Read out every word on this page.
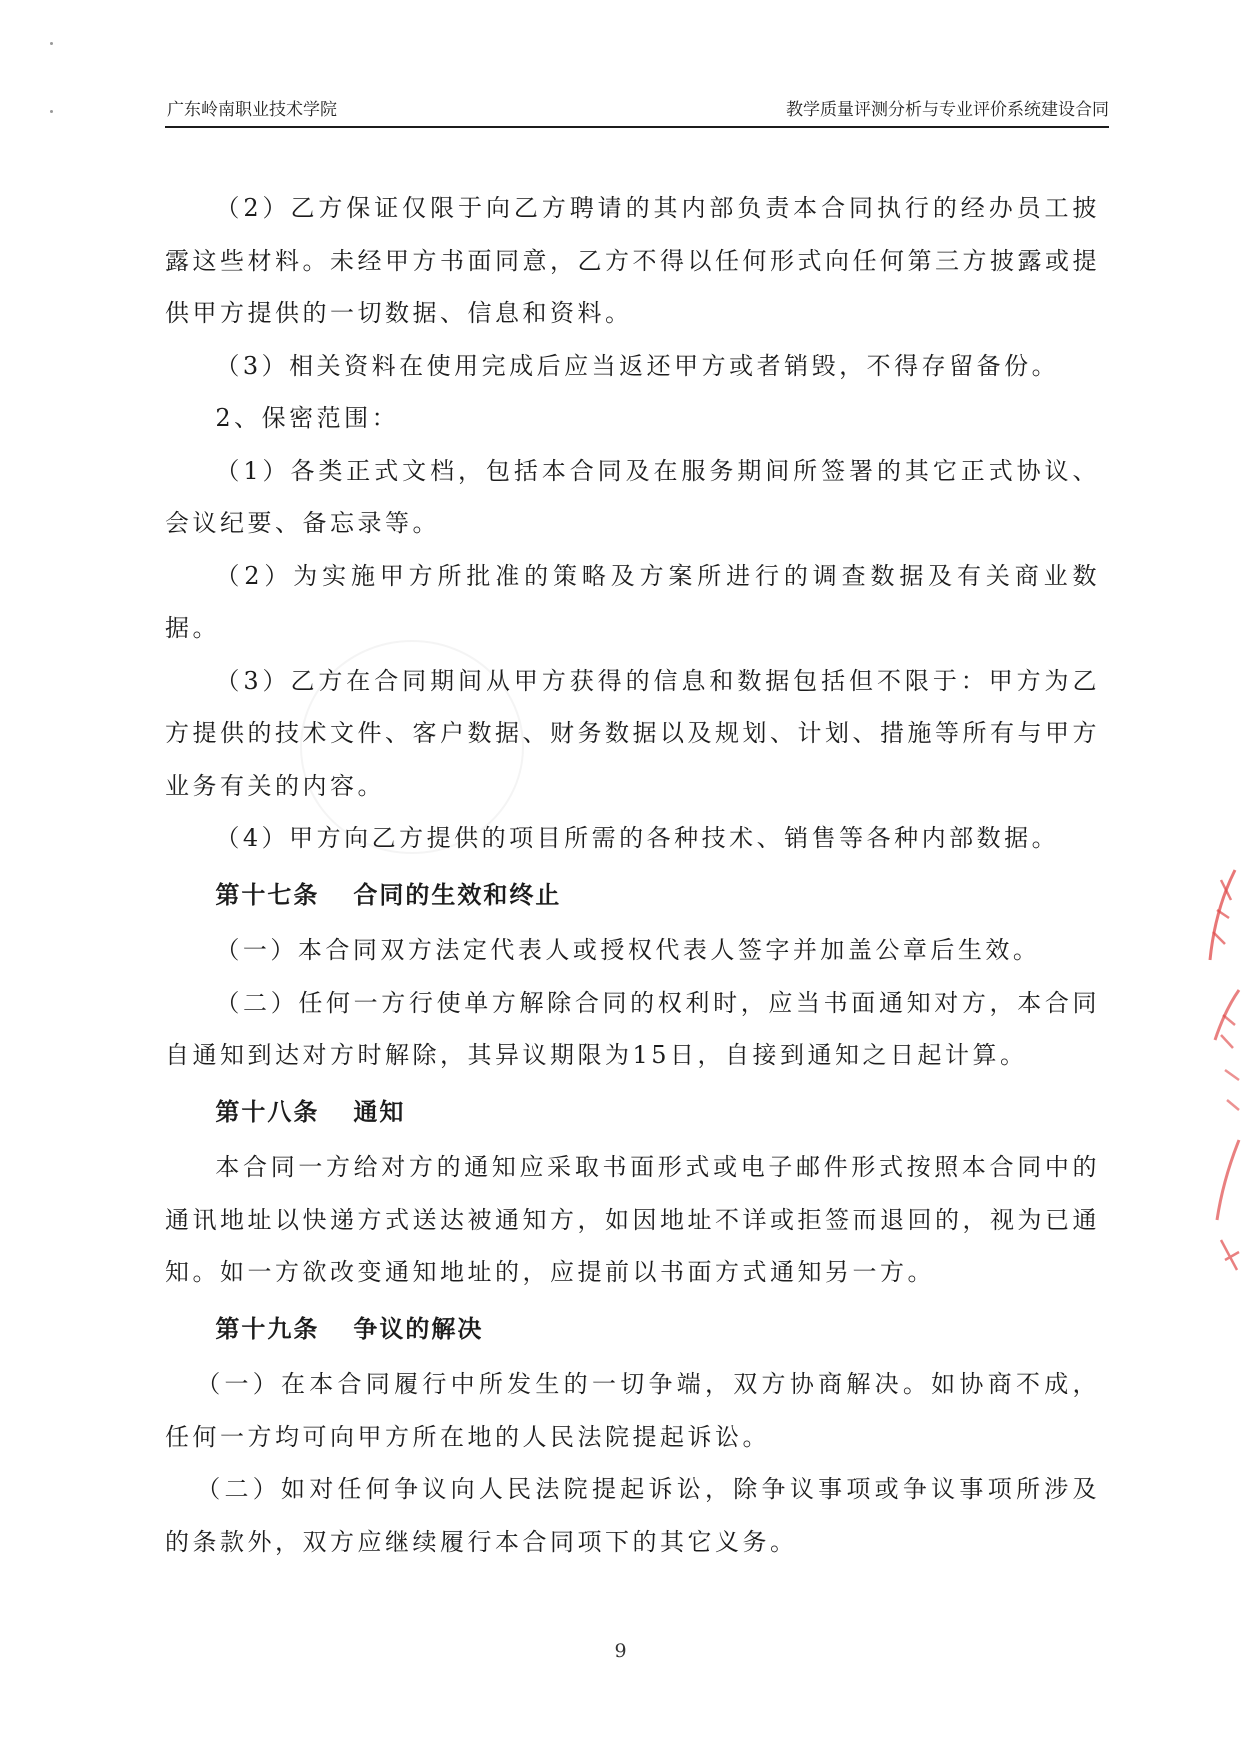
广东岭南职业技术学院	教学质量评测分析与专业评价系统建设合同

（2）乙方保证仅限于向乙方聘请的其内部负责本合同执行的经办员工披露这些材料。未经甲方书面同意，乙方不得以任何形式向任何第三方披露或提供甲方提供的一切数据、信息和资料。

（3）相关资料在使用完成后应当返还甲方或者销毁，不得存留备份。

2、保密范围：

（1）各类正式文档，包括本合同及在服务期间所签署的其它正式协议、会议纪要、备忘录等。

（2）为实施甲方所批准的策略及方案所进行的调查数据及有关商业数据。

（3）乙方在合同期间从甲方获得的信息和数据包括但不限于：甲方为乙方提供的技术文件、客户数据、财务数据以及规划、计划、措施等所有与甲方业务有关的内容。

（4）甲方向乙方提供的项目所需的各种技术、销售等各种内部数据。

第十七条 合同的生效和终止

（一）本合同双方法定代表人或授权代表人签字并加盖公章后生效。

（二）任何一方行使单方解除合同的权利时，应当书面通知对方，本合同自通知到达对方时解除，其异议期限为15日，自接到通知之日起计算。

第十八条 通知

本合同一方给对方的通知应采取书面形式或电子邮件形式按照本合同中的通讯地址以快递方式送达被通知方，如因地址不详或拒签而退回的，视为已通知。如一方欲改变通知地址的，应提前以书面方式通知另一方。

第十九条 争议的解决

（一）在本合同履行中所发生的一切争端，双方协商解决。如协商不成，任何一方均可向甲方所在地的人民法院提起诉讼。

（二）如对任何争议向人民法院提起诉讼，除争议事项或争议事项所涉及的条款外，双方应继续履行本合同项下的其它义务。

9
